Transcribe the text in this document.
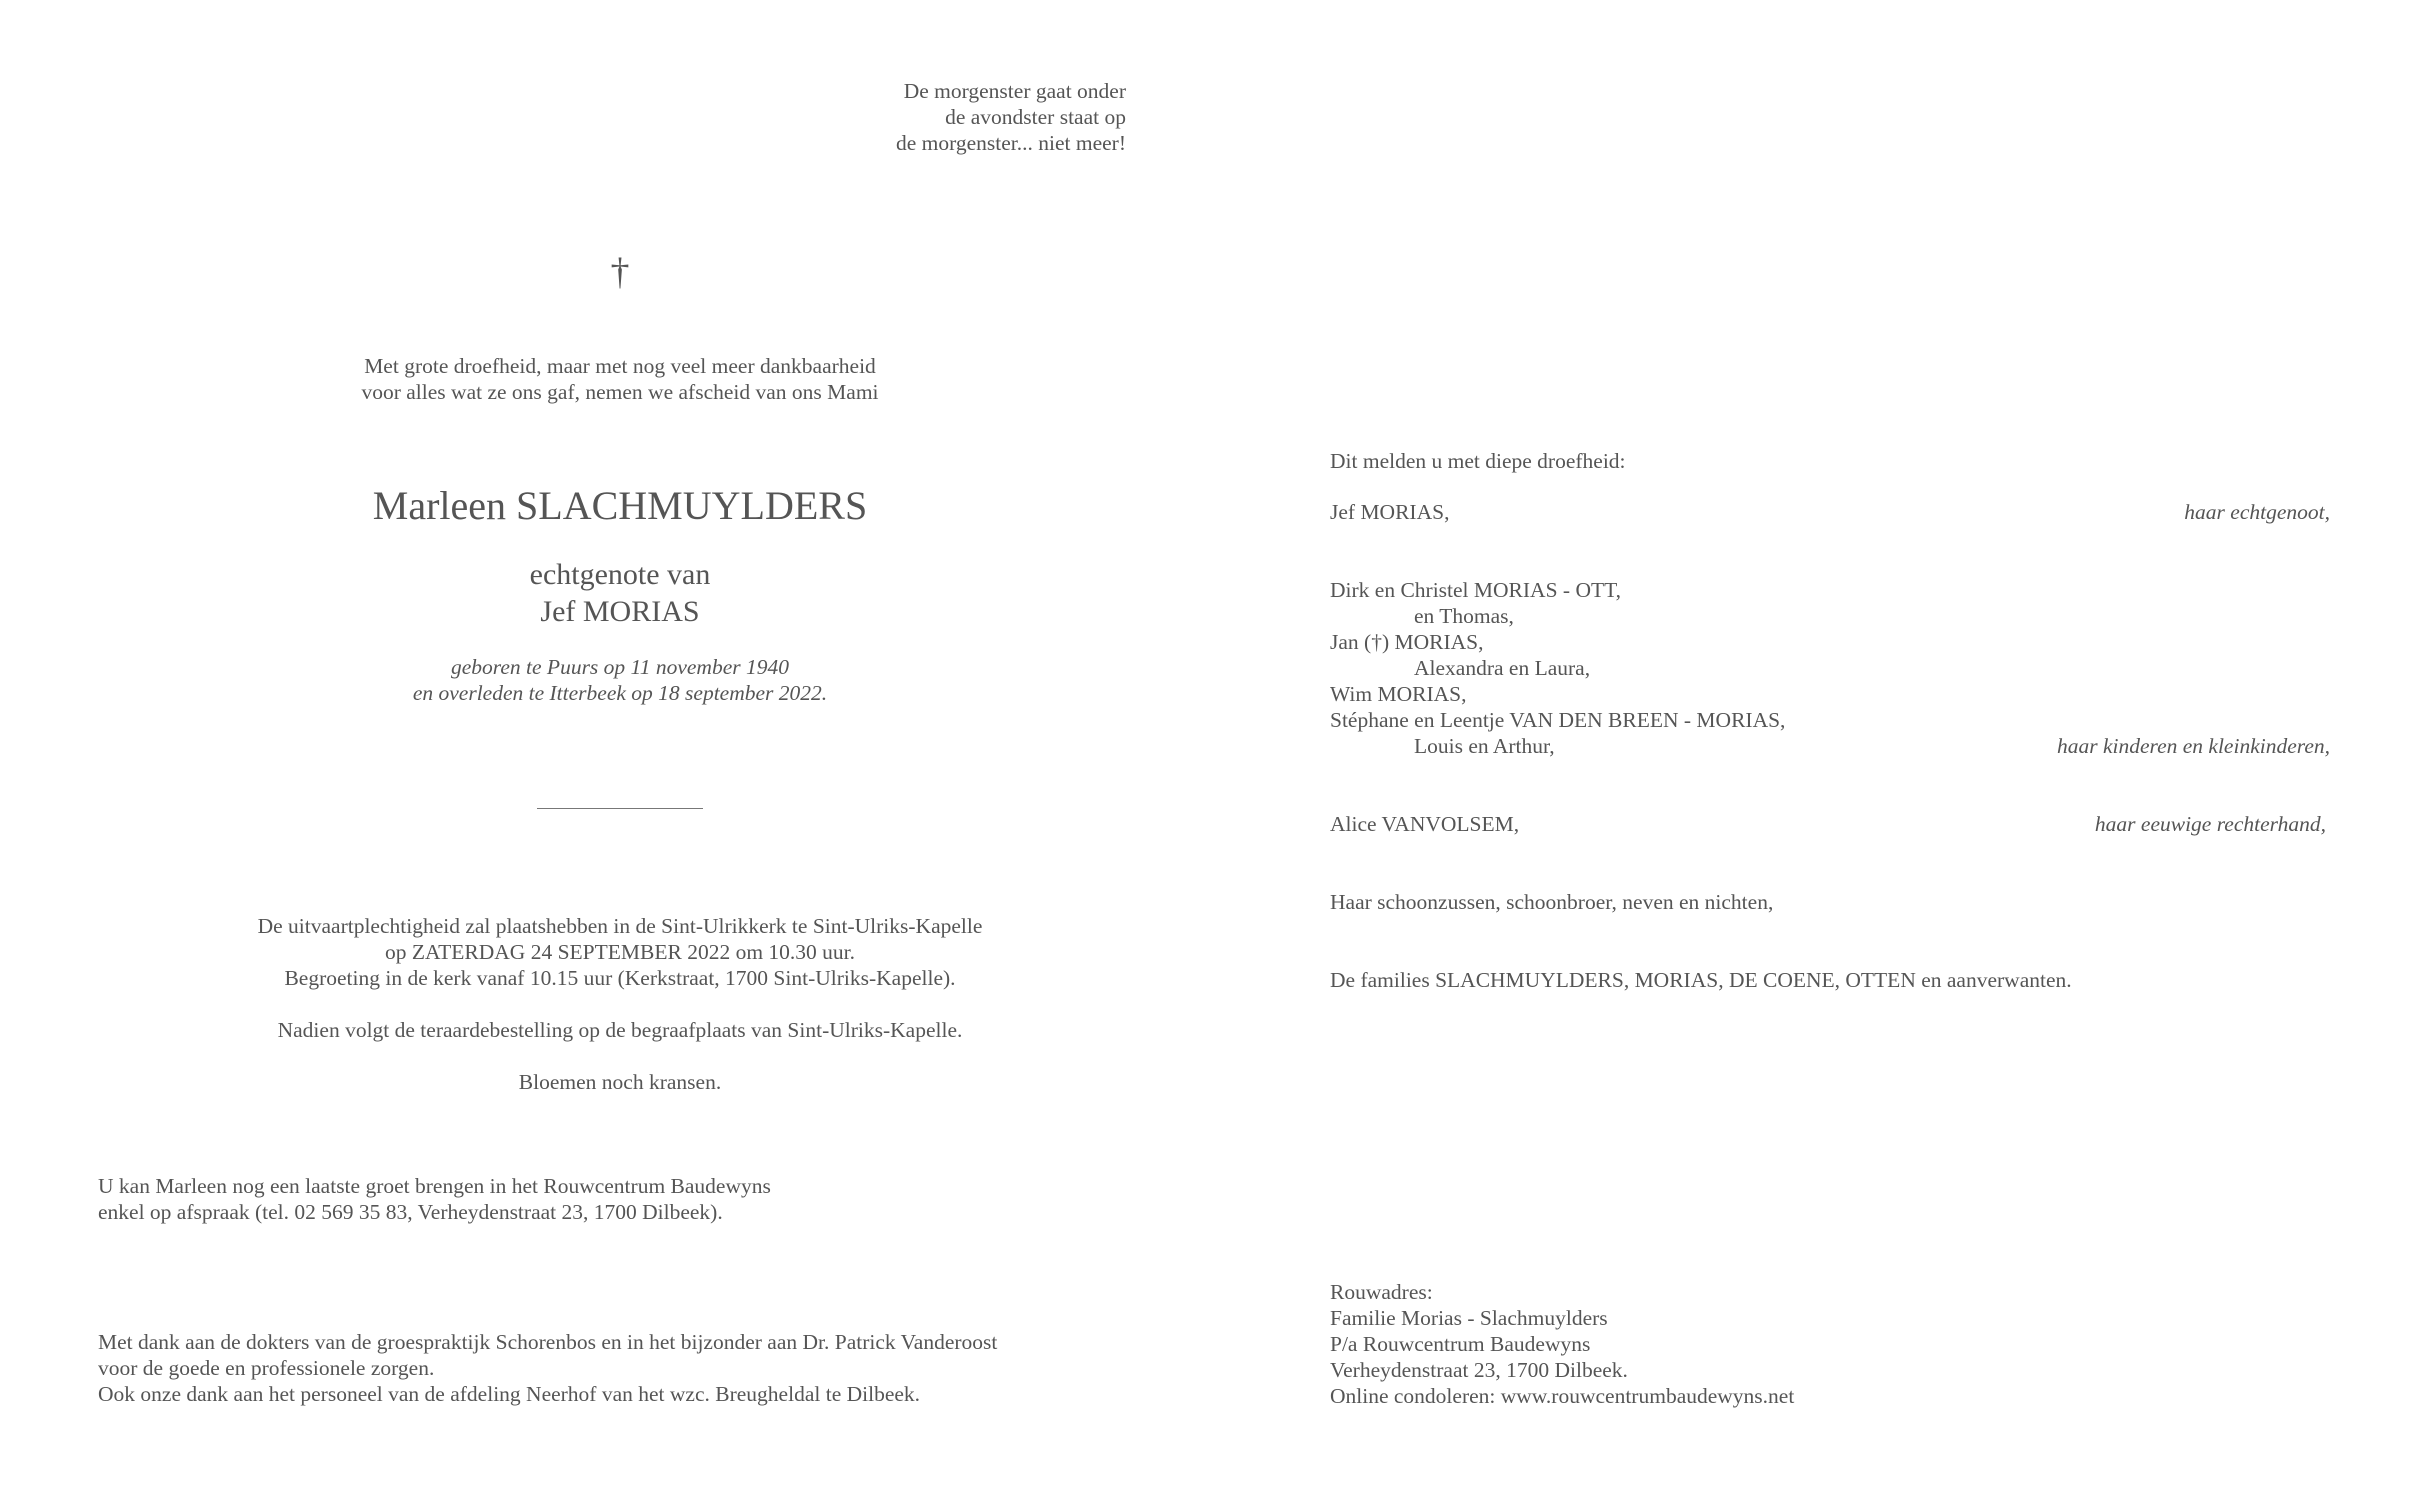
De morgenster gaat onder
de avondster staat op
de morgenster... niet meer!
†
Met grote droefheid, maar met nog veel meer dankbaarheid
voor alles wat ze ons gaf, nemen we afscheid van ons Mami
Marleen SLACHMUYLDERS
echtgenote van
Jef MORIAS
geboren te Puurs op 11 november 1940
en overleden te Itterbeek op 18 september 2022.
De uitvaartplechtigheid zal plaatshebben in de Sint-Ulrikkerk te Sint-Ulriks-Kapelle
op ZATERDAG 24 SEPTEMBER 2022 om 10.30 uur.
Begroeting in de kerk vanaf 10.15 uur (Kerkstraat, 1700 Sint-Ulriks-Kapelle).
Nadien volgt de teraardebestelling op de begraafplaats van Sint-Ulriks-Kapelle.
Bloemen noch kransen.
U kan Marleen nog een laatste groet brengen in het Rouwcentrum Baudewyns
enkel op afspraak (tel. 02 569 35 83, Verheydenstraat 23, 1700 Dilbeek).
Met dank aan de dokters van de groespraktijk Schorenbos en in het bijzonder aan Dr. Patrick Vanderoost
voor de goede en professionele zorgen.
Ook onze dank aan het personeel van de afdeling Neerhof van het wzc. Breugheldal te Dilbeek.
Dit melden u met diepe droefheid:
Jef MORIAS,	haar echtgenoot,
Dirk en Christel MORIAS - OTT,
en Thomas,
Jan (†) MORIAS,
Alexandra en Laura,
Wim MORIAS,
Stéphane en Leentje VAN DEN BREEN - MORIAS,
Louis en Arthur,	haar kinderen en kleinkinderen,
Alice VANVOLSEM,	haar eeuwige rechterhand,
Haar schoonzussen, schoonbroer, neven en nichten,
De families SLACHMUYLDERS, MORIAS, DE COENE, OTTEN en aanverwanten.
Rouwadres:
Familie Morias - Slachmuylders
P/a Rouwcentrum Baudewyns
Verheydenstraat 23, 1700 Dilbeek.
Online condoleren: www.rouwcentrumbaudewyns.net
